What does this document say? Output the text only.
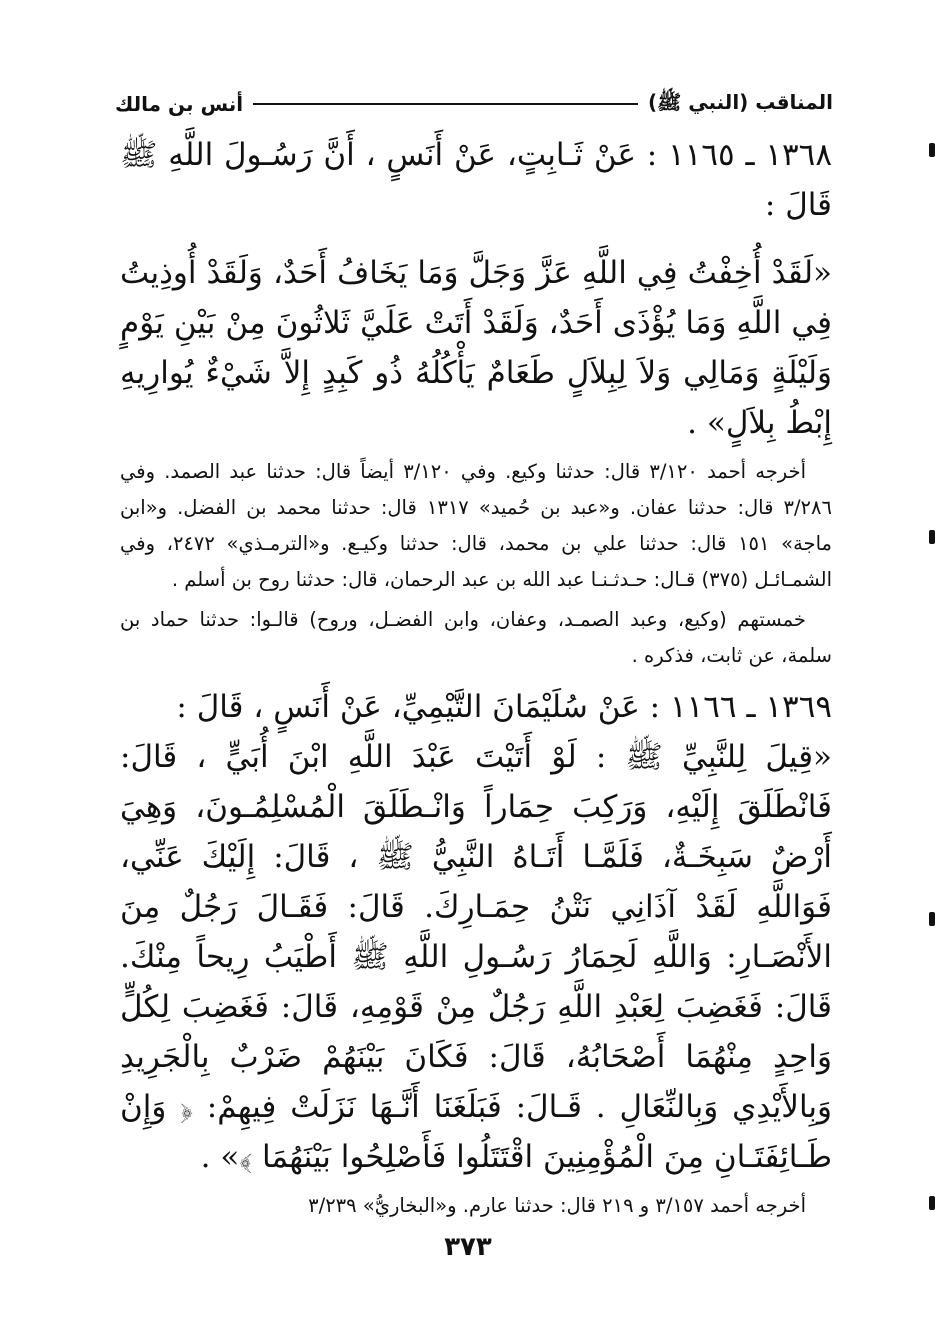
المناقب (النبي ﷺ)
أنس بن مالك

١٣٦٨ ـ ١١٦٥ : عَنْ ثَـابِتٍ، عَنْ أَنَسٍ ، أَنَّ رَسُـولَ اللَّهِ ﷺ قَالَ :

«لَقَدْ أُخِفْتُ فِي اللَّهِ عَزَّ وَجَلَّ وَمَا يَخَافُ أَحَدٌ، وَلَقَدْ أُوذِيتُ فِي اللَّهِ وَمَا يُؤْذَى أَحَدٌ، وَلَقَدْ أَتَتْ عَلَيَّ ثَلاثُونَ مِنْ بَيْنِ يَوْمٍ وَلَيْلَةٍ وَمَالِي وَلاَ لِبِلاَلٍ طَعَامٌ يَأْكُلُهُ ذُو كَبِدٍ إِلاَّ شَيْءٌ يُوارِيهِ إِبْطُ بِلاَلٍ» .

أخرجه أحمد ٣/١٢٠ قال: حدثنا وكيع. وفي ٣/١٢٠ أيضاً قال: حدثنا عبد الصمد. وفي ٣/٢٨٦ قال: حدثنا عفان. و«عبد بن حُميد» ١٣١٧ قال: حدثنا محمد بن الفضل. و«ابن ماجة» ١٥١ قال: حدثنا علي بن محمد، قال: حدثنا وكيـع. و«الترمـذي» ٢٤٧٢، وفي الشمـائـل (٣٧٥) قـال: حـدثـنـا عبد الله بن عبد الرحمان، قال: حدثنا روح بن أسلم .

خمستهم (وكيع، وعبد الصمـد، وعفان، وابن الفضـل، وروح) قالـوا: حدثنا حماد بن سلمة، عن ثابت، فذكره .

١٣٦٩ ـ ١١٦٦ : عَنْ سُلَيْمَانَ التَّيْمِيِّ، عَنْ أَنَسٍ ، قَالَ :

«قِيلَ لِلنَّبِيِّ ﷺ : لَوْ أَتَيْتَ عَبْدَ اللَّهِ ابْنَ أُبَيٍّ ، قَالَ: فَانْطَلَقَ إِلَيْهِ، وَرَكِبَ حِمَاراً وَانْـطَلَقَ الْمُسْلِمُـونَ، وَهِيَ أَرْضٌ سَبِخَـةٌ، فَلَمَّـا أَتَـاهُ النَّبِيُّ ﷺ ، قَالَ: إِلَيْكَ عَنِّي، فَوَاللَّهِ لَقَدْ آذَانِي نَتْنُ حِمَـارِكَ. قَالَ: فَقَـالَ رَجُلٌ مِنَ الأَنْصَـارِ: وَاللَّهِ لَحِمَارُ رَسُـولِ اللَّهِ ﷺ أَطْيَبُ رِيحاً مِنْكَ. قَالَ: فَغَضِبَ لِعَبْدِ اللَّهِ رَجُلٌ مِنْ قَوْمِهِ، قَالَ: فَغَضِبَ لِكُلٍّ وَاحِدٍ مِنْهُمَا أَصْحَابُهُ، قَالَ: فَكَانَ بَيْنَهُمْ ضَرْبٌ بِالْجَرِيدِ وَبِالأَيْدِي وَبِالنِّعَالِ . قَـالَ: فَبَلَغَنَا أَنَّـهَا نَزَلَتْ فِيهِمْ: ﴿ وَإِنْ طَـائِفَتَـانِ مِنَ الْمُؤْمِنِينَ اقْتَتَلُوا فَأَصْلِحُوا بَيْنَهُمَا ﴾» .

أخرجه أحمد ٣/١٥٧ و ٢١٩ قال: حدثنا عارم. و«البخاريُّ» ٣/٢٣٩

٣٧٣
